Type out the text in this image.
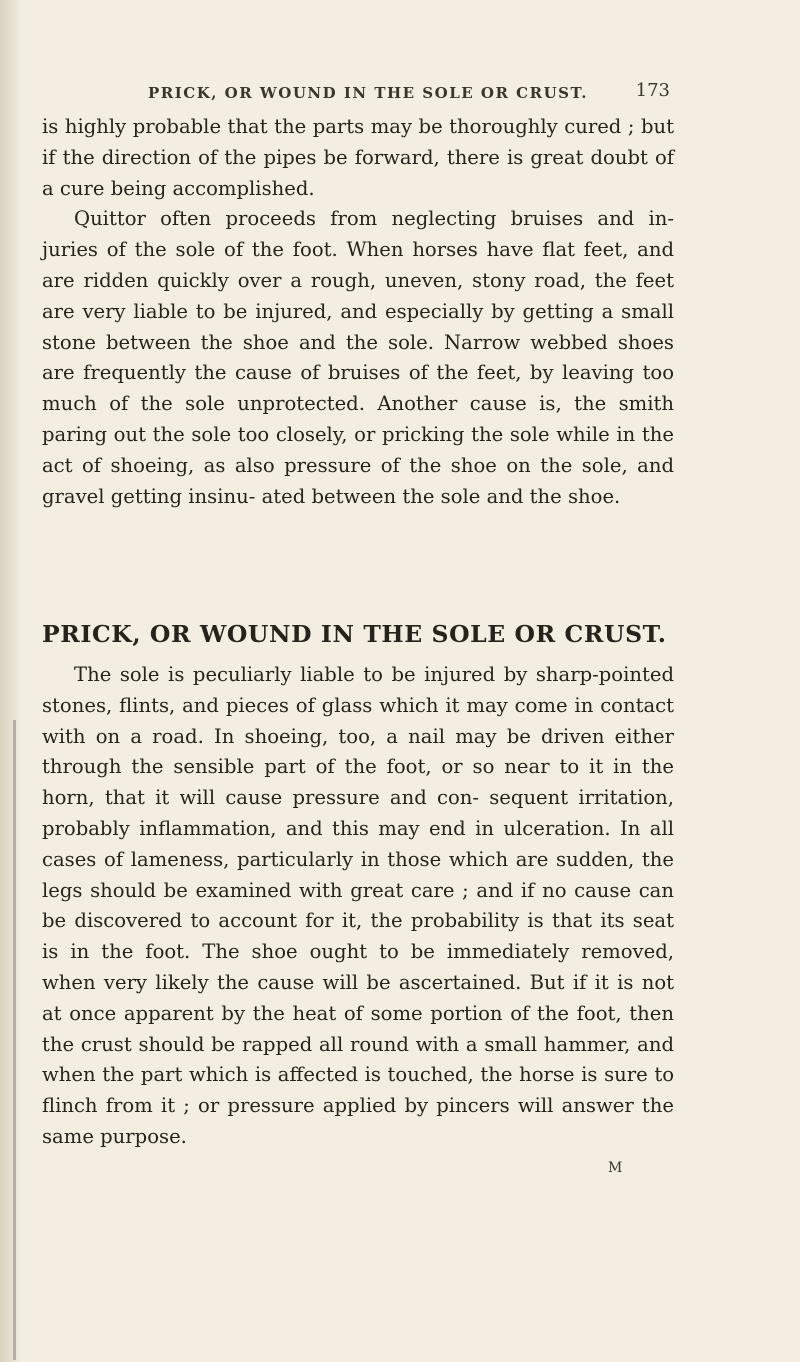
PRICK, OR WOUND IN THE SOLE OR CRUST.	173

is highly probable that the parts may be thoroughly cured ; but if the direction of the pipes be forward, there is great doubt of a cure being accomplished.

Quittor often proceeds from neglecting bruises and in- juries of the sole of the foot. When horses have flat feet, and are ridden quickly over a rough, uneven, stony road, the feet are very liable to be injured, and especially by getting a small stone between the shoe and the sole. Narrow webbed shoes are frequently the cause of bruises of the feet, by leaving too much of the sole unprotected. Another cause is, the smith paring out the sole too closely, or pricking the sole while in the act of shoeing, as also pressure of the shoe on the sole, and gravel getting insinu- ated between the sole and the shoe.

PRICK, OR WOUND IN THE SOLE OR CRUST.

The sole is peculiarly liable to be injured by sharp-pointed stones, flints, and pieces of glass which it may come in contact with on a road. In shoeing, too, a nail may be driven either through the sensible part of the foot, or so near to it in the horn, that it will cause pressure and con- sequent irritation, probably inflammation, and this may end in ulceration. In all cases of lameness, particularly in those which are sudden, the legs should be examined with great care ; and if no cause can be discovered to account for it, the probability is that its seat is in the foot. The shoe ought to be immediately removed, when very likely the cause will be ascertained. But if it is not at once apparent by the heat of some portion of the foot, then the crust should be rapped all round with a small hammer, and when the part which is affected is touched, the horse is sure to flinch from it ; or pressure applied by pincers will answer the same purpose.

M
